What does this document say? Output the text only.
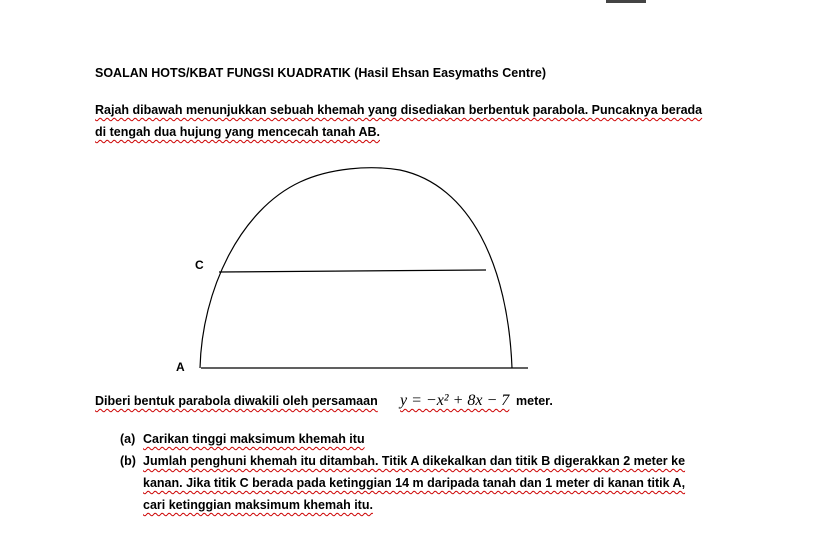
SOALAN HOTS/KBAT FUNGSI KUADRATIK (Hasil Ehsan Easymaths Centre)
Rajah dibawah menunjukkan sebuah khemah yang disediakan berbentuk parabola. Puncaknya berada
di tengah dua hujung yang mencecah tanah AB.
C
A
Diberi bentuk parabola diwakili oleh persamaan y = −x² + 8x − 7 meter.
(a) Carikan tinggi maksimum khemah itu
(b) Jumlah penghuni khemah itu ditambah. Titik A dikekalkan dan titik B digerakkan 2 meter ke
kanan. Jika titik C berada pada ketinggian 14 m daripada tanah dan 1 meter di kanan titik A,
cari ketinggian maksimum khemah itu.
